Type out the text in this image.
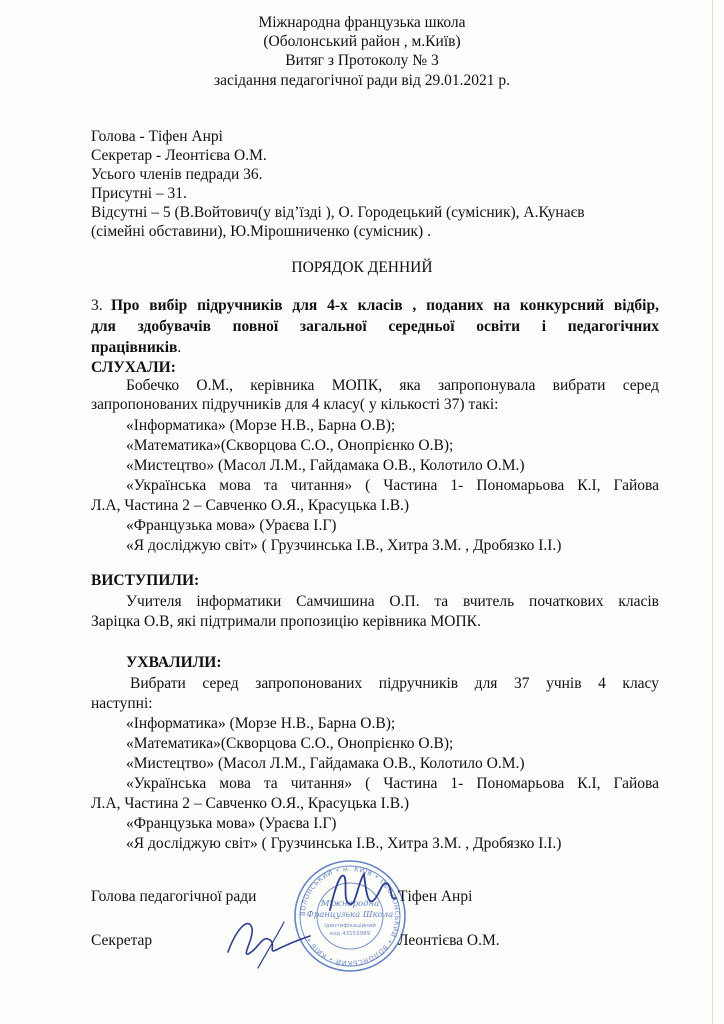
Міжнародна французька школа
(Оболонський район , м.Київ)
Витяг з Протоколу № 3
засідання педагогічної ради від 29.01.2021 р.
Голова - Тіфен Анрі
Секретар - Леонтієва О.М.
Усього членів педради 36.
Присутні – 31.
Відсутні – 5 (В.Войтович(у від’їзді ), О. Городецький (сумісник), А.Кунаєв
(сімейні обставини), Ю.Мірошниченко (сумісник) .
ПОРЯДОК ДЕННИЙ
3. Про вибір підручників для 4-х класів , поданих на конкурсний відбір,
для здобувачів повної загальної середньої освіти і педагогічних
працівників.
СЛУХАЛИ:
Бобечко О.М., керівника МОПК, яка запропонувала вибрати серед
запропонованих підручників для 4 класу( у кількості 37) такі:
«Інформатика» (Морзе Н.В., Барна О.В);
«Математика»(Скворцова С.О., Онопрієнко О.В);
«Мистецтво» (Масол Л.М., Гайдамака О.В., Колотило О.М.)
«Українська мова та читання» ( Частина 1- Пономарьова К.І, Гайова
Л.А, Частина 2 – Савченко О.Я., Красуцька І.В.)
«Французька мова» (Ураєва І.Г)
«Я досліджую світ» ( Грузчинська І.В., Хитра З.М. , Дробязко І.І.)
ВИСТУПИЛИ:
Учителя інформатики Самчишина О.П. та вчитель початкових класів
Заріцка О.В, які підтримали пропозицію керівника МОПК.
УХВАЛИЛИ:
Вибрати серед запропонованих підручників для 37 учнів 4 класу
наступні:
«Інформатика» (Морзе Н.В., Барна О.В);
«Математика»(Скворцова С.О., Онопрієнко О.В);
«Мистецтво» (Масол Л.М., Гайдамака О.В., Колотило О.М.)
«Українська мова та читання» ( Частина 1- Пономарьова К.І, Гайова
Л.А, Частина 2 – Савченко О.Я., Красуцька І.В.)
«Французька мова» (Ураєва І.Г)
«Я досліджую світ» ( Грузчинська І.В., Хитра З.М. , Дробязко І.І.)
ВОЛОНСЬКИЙ • м. КИЇВ • ОБОЛОНСЬКИЙ • ВОЛОНСЬКИЙ • КИЇВ •
Міжнародна
Французька Школа
Ідентифікаційний
код 43153989
Голова педагогічної ради	Тіфен Анрі
Секретар	Леонтієва О.М.
